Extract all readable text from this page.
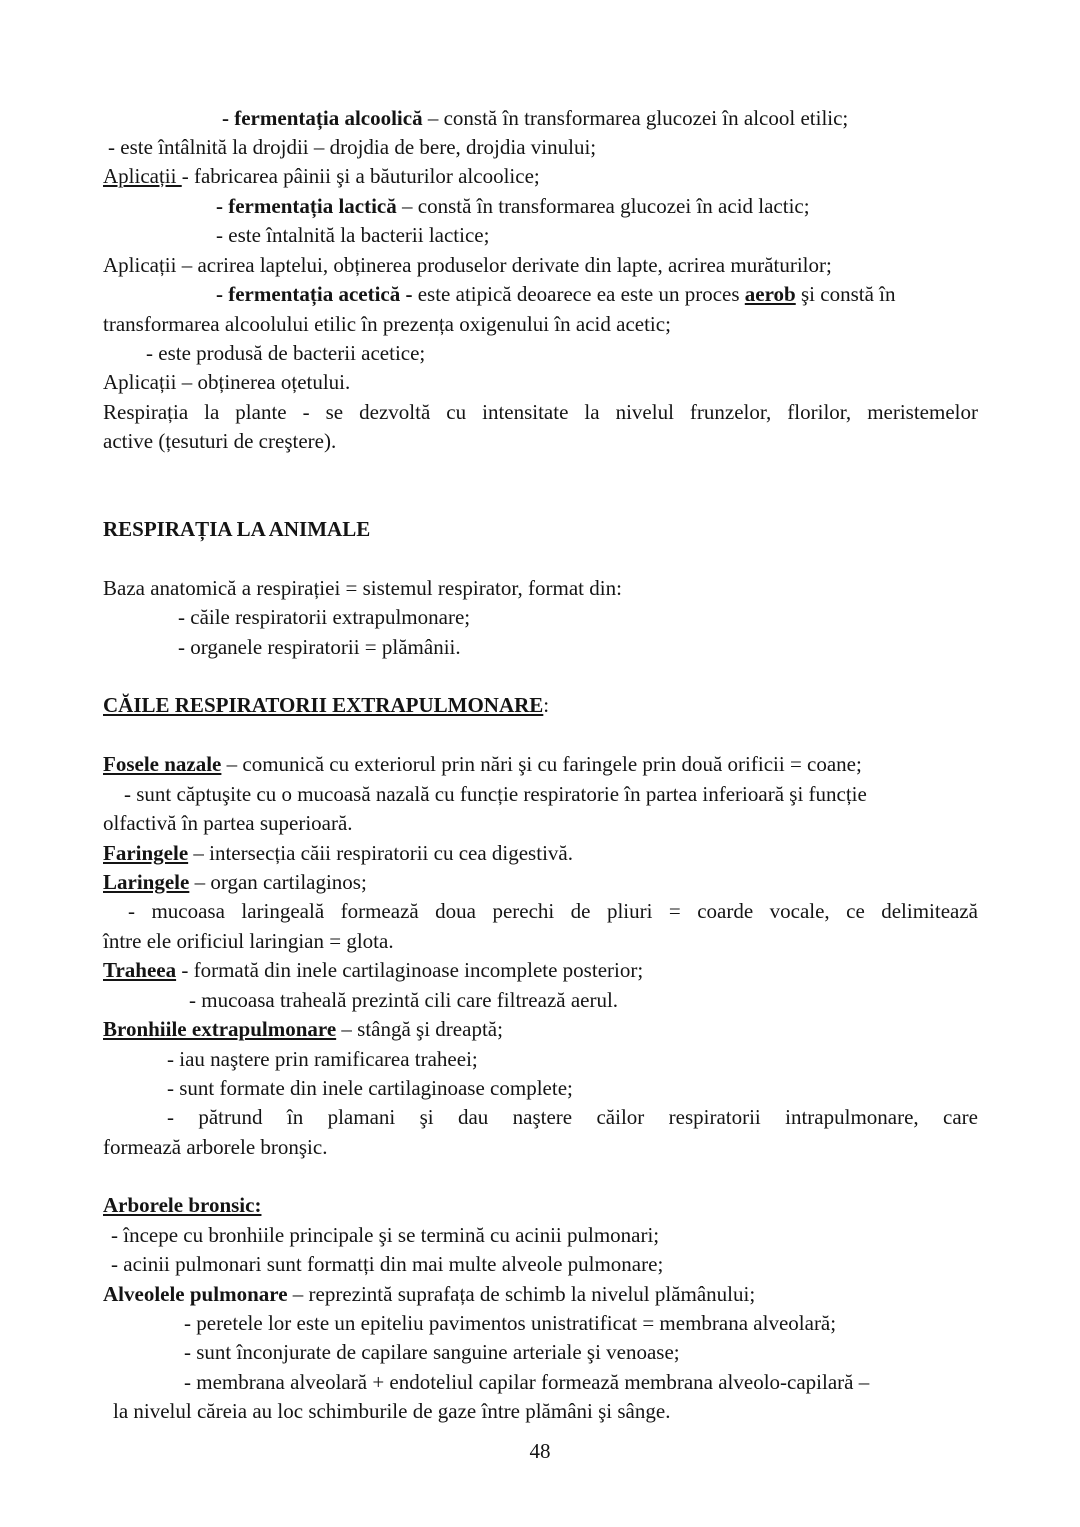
- fermentația alcoolică – constă în transformarea glucozei în alcool etilic;
- este întâlnită la drojdii – drojdia de bere, drojdia vinului;
Aplicații - fabricarea pâinii şi a băuturilor alcoolice;
- fermentația lactică – constă în transformarea glucozei în acid lactic;
- este întalnită la bacterii lactice;
Aplicații – acrirea laptelui, obținerea produselor derivate din lapte, acrirea murăturilor;
- fermentația acetică - este atipică deoarece ea este un proces aerob şi constă în
transformarea alcoolului etilic în prezența oxigenului în acid acetic;
- este produsă de bacterii acetice;
Aplicații – obținerea oțetului.
Respirația la plante - se dezvoltă cu intensitate la nivelul frunzelor, florilor, meristemelor
active (țesuturi de creştere).
RESPIRAȚIA LA ANIMALE
Baza anatomică a respirației = sistemul respirator, format din:
- căile respiratorii extrapulmonare;
- organele respiratorii = plămânii.
CĂILE RESPIRATORII EXTRAPULMONARE:
Fosele nazale – comunică cu exteriorul prin nări şi cu faringele prin două orificii = coane;
- sunt căptuşite cu o mucoasă nazală cu funcție respiratorie în partea inferioară şi funcție
olfactivă în partea superioară.
Faringele – intersecția căii respiratorii cu cea digestivă.
Laringele – organ cartilaginos;
- mucoasa laringeală formează doua perechi de pliuri = coarde vocale, ce delimitează
între ele orificiul laringian = glota.
Traheea - formată din inele cartilaginoase incomplete posterior;
- mucoasa traheală prezintă cili care filtrează aerul.
Bronhiile extrapulmonare – stângă şi dreaptă;
- iau naştere prin ramificarea traheei;
- sunt formate din inele cartilaginoase complete;
- pătrund în plamani şi dau naştere căilor respiratorii intrapulmonare, care
formează arborele bronşic.
Arborele bronsic:
- începe cu bronhiile principale şi se termină cu acinii pulmonari;
- acinii pulmonari sunt formatți din mai multe alveole pulmonare;
Alveolele pulmonare – reprezintă suprafața de schimb la nivelul plămânului;
- peretele lor este un epiteliu pavimentos unistratificat = membrana alveolară;
- sunt înconjurate de capilare sanguine arteriale şi venoase;
- membrana alveolară + endoteliul capilar formează membrana alveolo-capilară –
la nivelul căreia au loc schimburile de gaze între plămâni şi sânge.
48
